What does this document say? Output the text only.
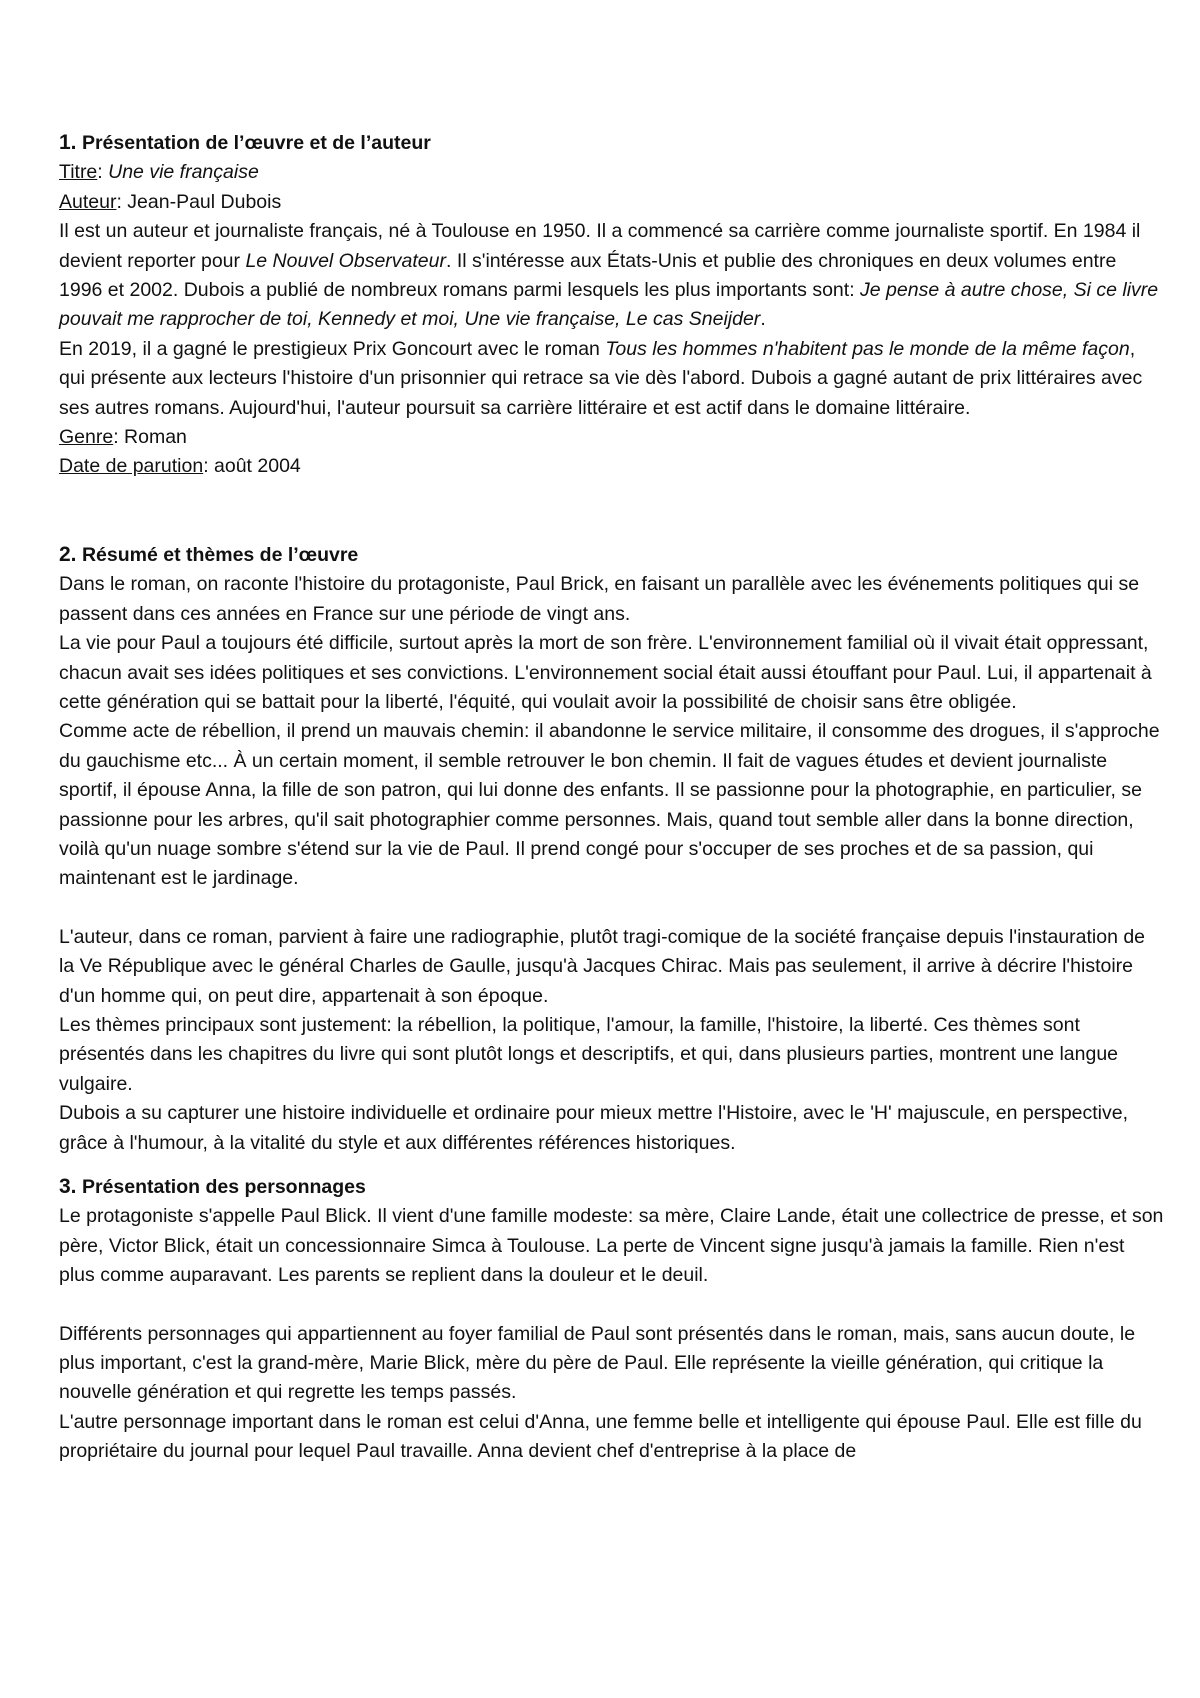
1. Présentation de l’œuvre et de l’auteur

Titre: Une vie française

Auteur: Jean-Paul Dubois

Il est un auteur et journaliste français, né à Toulouse en 1950. Il a commencé sa carrière comme journaliste sportif. En 1984 il devient reporter pour Le Nouvel Observateur. Il s'intéresse aux États-Unis et publie des chroniques en deux volumes entre 1996 et 2002. Dubois a publié de nombreux romans parmi lesquels les plus importants sont: Je pense à autre chose, Si ce livre pouvait me rapprocher de toi, Kennedy et moi, Une vie française, Le cas Sneijder.

En 2019, il a gagné le prestigieux Prix Goncourt avec le roman Tous les hommes n'habitent pas le monde de la même façon, qui présente aux lecteurs l'histoire d'un prisonnier qui retrace sa vie dès l'abord. Dubois a gagné autant de prix littéraires avec ses autres romans. Aujourd'hui, l'auteur poursuit sa carrière littéraire et est actif dans le domaine littéraire.

Genre: Roman

Date de parution: août 2004

2. Résumé et thèmes de l’œuvre

Dans le roman, on raconte l'histoire du protagoniste, Paul Brick, en faisant un parallèle avec les événements politiques qui se passent dans ces années en France sur une période de vingt ans.

La vie pour Paul a toujours été difficile, surtout après la mort de son frère. L'environnement familial où il vivait était oppressant, chacun avait ses idées politiques et ses convictions. L'environnement social était aussi étouffant pour Paul. Lui, il appartenait à cette génération qui se battait pour la liberté, l'équité, qui voulait avoir la possibilité de choisir sans être obligée.

Comme acte de rébellion, il prend un mauvais chemin: il abandonne le service militaire, il consomme des drogues, il s'approche du gauchisme etc... À un certain moment, il semble retrouver le bon chemin. Il fait de vagues études et devient journaliste sportif, il épouse Anna, la fille de son patron, qui lui donne des enfants. Il se passionne pour la photographie, en particulier, se passionne pour les arbres, qu'il sait photographier comme personnes. Mais, quand tout semble aller dans la bonne direction, voilà qu'un nuage sombre s'étend sur la vie de Paul. Il prend congé pour s'occuper de ses proches et de sa passion, qui maintenant est le jardinage.

L'auteur, dans ce roman, parvient à faire une radiographie, plutôt tragi-comique de la société française depuis l'instauration de la Ve République avec le général Charles de Gaulle, jusqu'à Jacques Chirac. Mais pas seulement, il arrive à décrire l'histoire d'un homme qui, on peut dire, appartenait à son époque.

Les thèmes principaux sont justement: la rébellion, la politique, l'amour, la famille, l'histoire, la liberté. Ces thèmes sont présentés dans les chapitres du livre qui sont plutôt longs et descriptifs, et qui, dans plusieurs parties, montrent une langue vulgaire.

Dubois a su capturer une histoire individuelle et ordinaire pour mieux mettre l'Histoire, avec le 'H' majuscule, en perspective, grâce à l'humour, à la vitalité du style et aux différentes références historiques.

3. Présentation des personnages

Le protagoniste s'appelle Paul Blick. Il vient d'une famille modeste: sa mère, Claire Lande, était une collectrice de presse, et son père, Victor Blick, était un concessionnaire Simca à Toulouse. La perte de Vincent signe jusqu'à jamais la famille. Rien n'est plus comme auparavant. Les parents se replient dans la douleur et le deuil.

Différents personnages qui appartiennent au foyer familial de Paul sont présentés dans le roman, mais, sans aucun doute, le plus important, c'est la grand-mère, Marie Blick, mère du père de Paul. Elle représente la vieille génération, qui critique la nouvelle génération et qui regrette les temps passés.

L'autre personnage important dans le roman est celui d'Anna, une femme belle et intelligente qui épouse Paul. Elle est fille du propriétaire du journal pour lequel Paul travaille. Anna devient chef d'entreprise à la place de
